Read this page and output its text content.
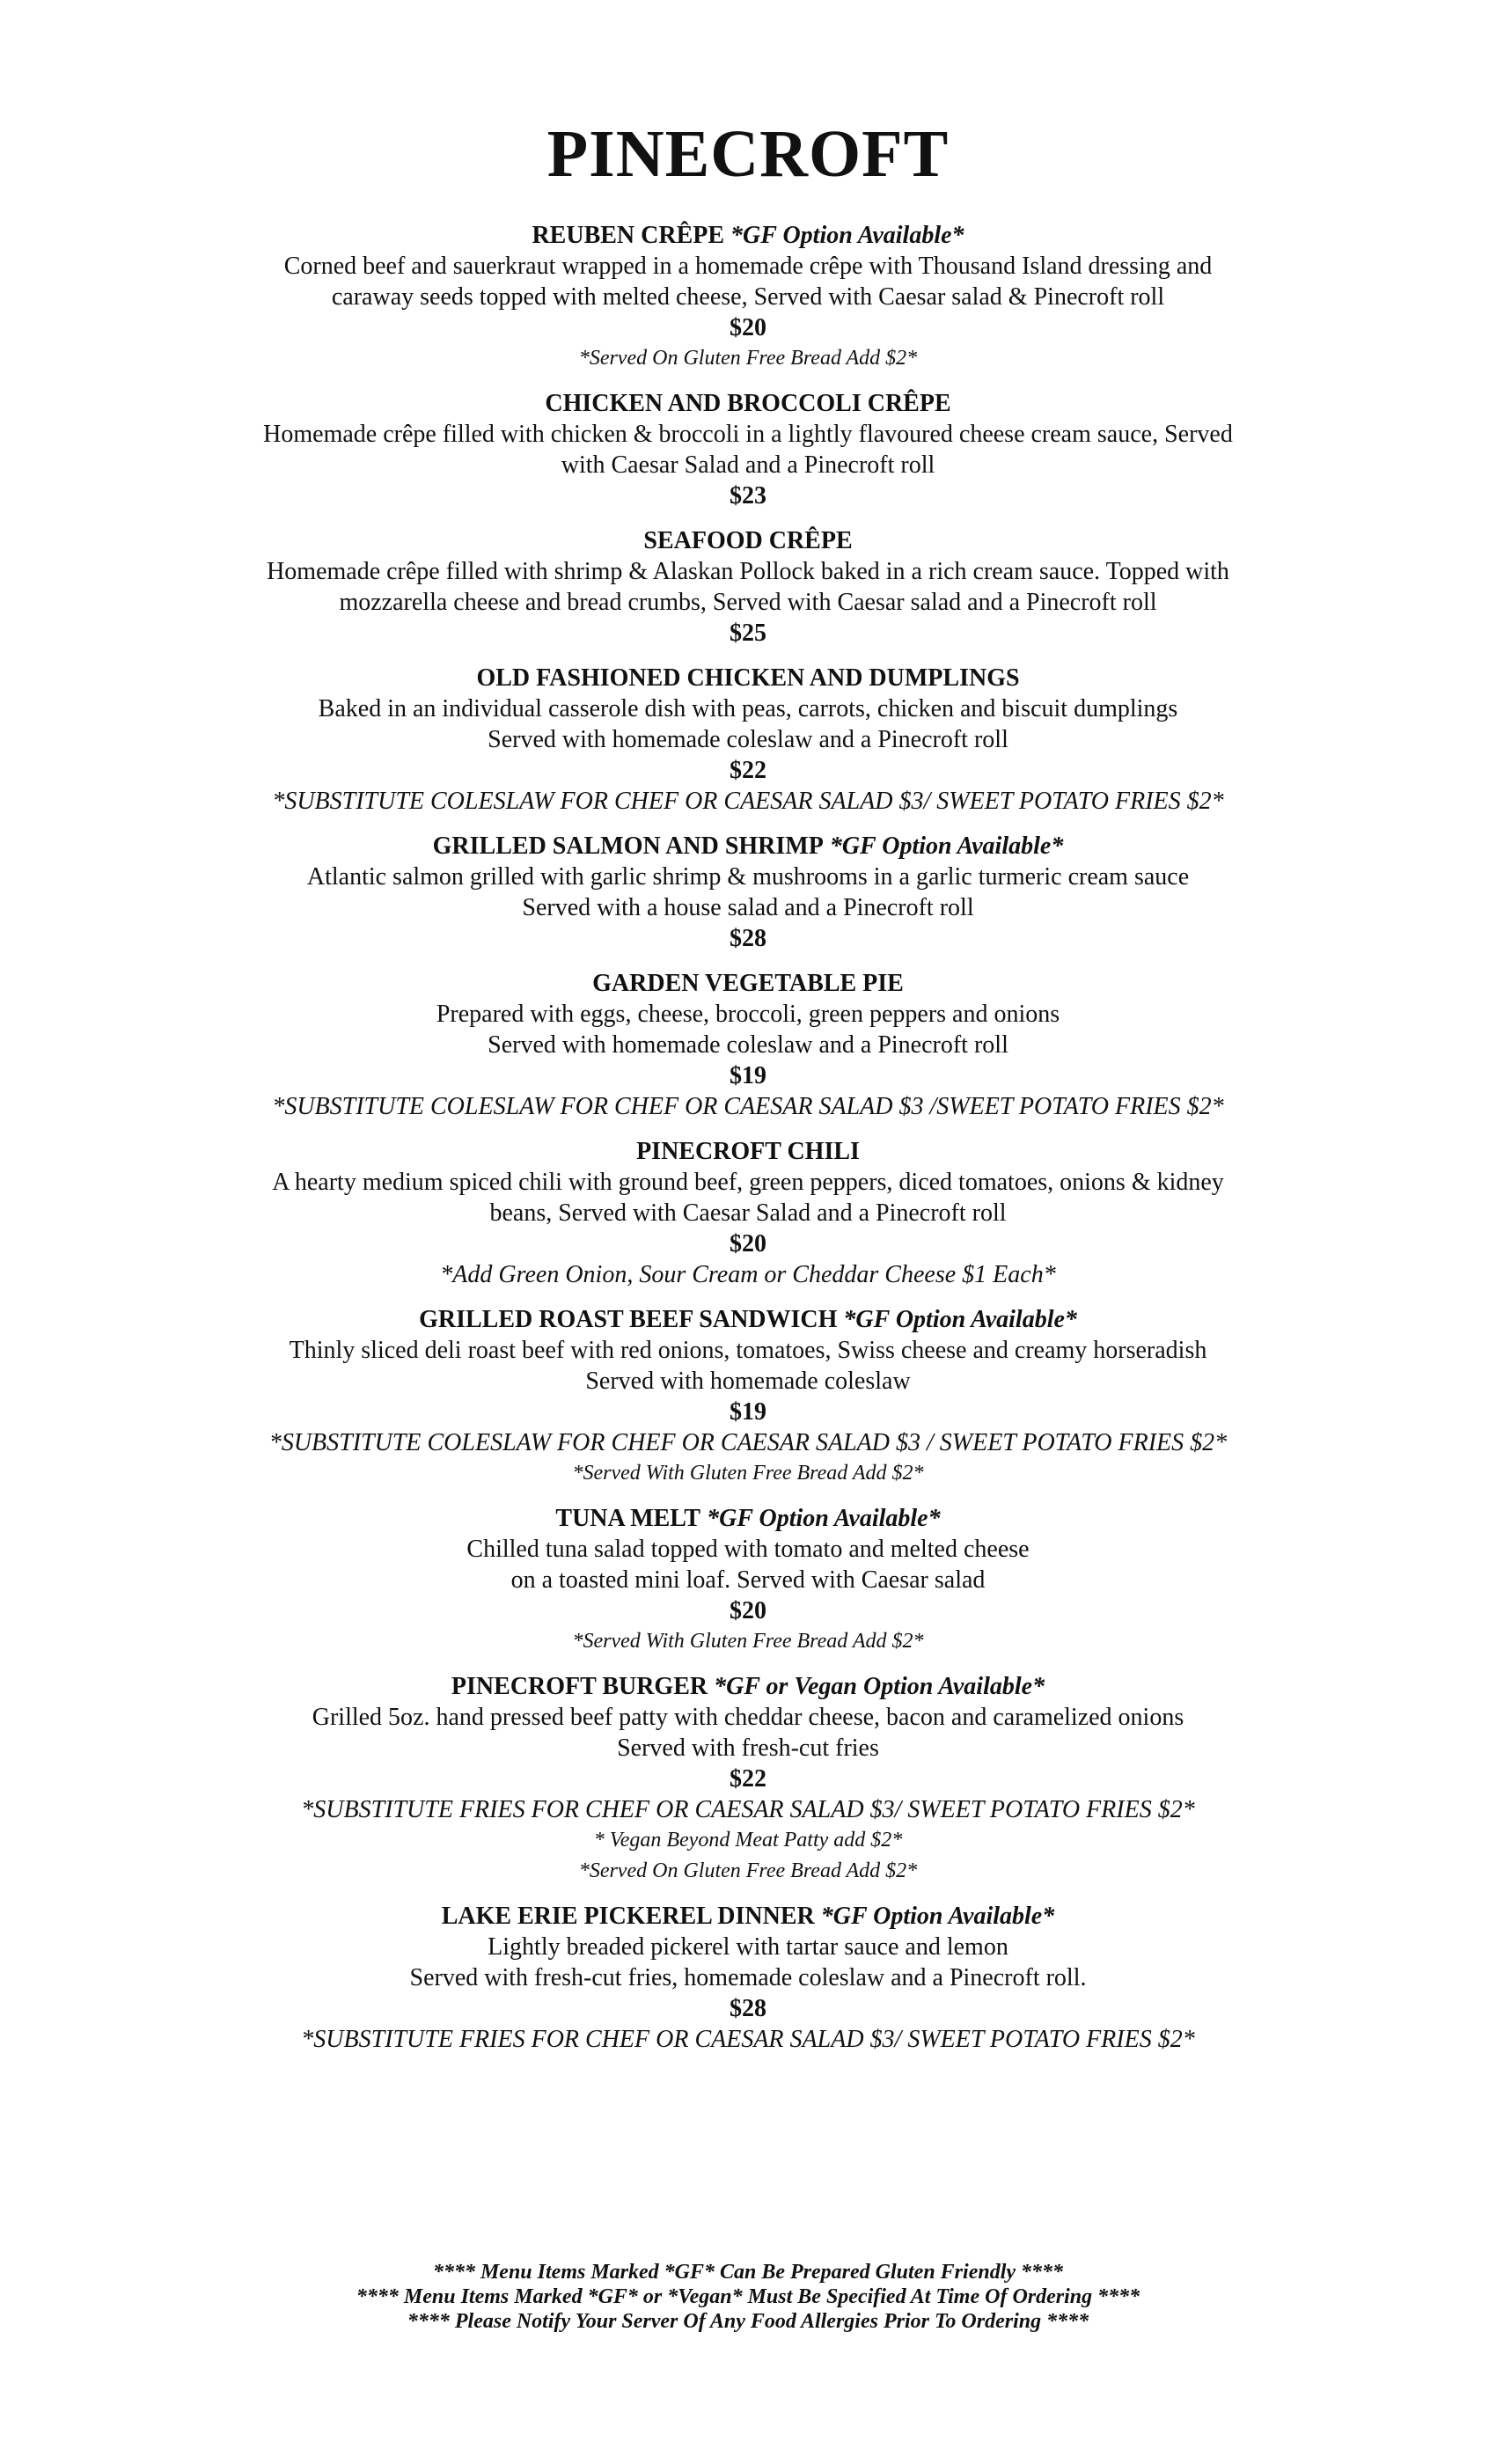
PINECROFT

REUBEN CRÊPE *GF Option Available*

Corned beef and sauerkraut wrapped in a homemade crêpe with Thousand Island dressing and

caraway seeds topped with melted cheese, Served with Caesar salad & Pinecroft roll

$20

*Served On Gluten Free Bread Add $2*

CHICKEN AND BROCCOLI CRÊPE

Homemade crêpe filled with chicken & broccoli in a lightly flavoured cheese cream sauce, Served

with Caesar Salad and a Pinecroft roll

$23

SEAFOOD CRÊPE

Homemade crêpe filled with shrimp & Alaskan Pollock baked in a rich cream sauce. Topped with

mozzarella cheese and bread crumbs, Served with Caesar salad and a Pinecroft roll

$25

OLD FASHIONED CHICKEN AND DUMPLINGS

Baked in an individual casserole dish with peas, carrots, chicken and biscuit dumplings

Served with homemade coleslaw and a Pinecroft roll

$22

*SUBSTITUTE COLESLAW FOR CHEF OR CAESAR SALAD $3/ SWEET POTATO FRIES $2*

GRILLED SALMON AND SHRIMP *GF Option Available*

Atlantic salmon grilled with garlic shrimp & mushrooms in a garlic turmeric cream sauce

Served with a house salad and a Pinecroft roll

$28

GARDEN VEGETABLE PIE

Prepared with eggs, cheese, broccoli, green peppers and onions

Served with homemade coleslaw and a Pinecroft roll

$19

*SUBSTITUTE COLESLAW FOR CHEF OR CAESAR SALAD $3 /SWEET POTATO FRIES $2*

PINECROFT CHILI

A hearty medium spiced chili with ground beef, green peppers, diced tomatoes, onions & kidney

beans, Served with Caesar Salad and a Pinecroft roll

$20

*Add Green Onion, Sour Cream or Cheddar Cheese $1 Each*

GRILLED ROAST BEEF SANDWICH *GF Option Available*

Thinly sliced deli roast beef with red onions, tomatoes, Swiss cheese and creamy horseradish

Served with homemade coleslaw

$19

*SUBSTITUTE COLESLAW FOR CHEF OR CAESAR SALAD $3 / SWEET POTATO FRIES $2*

*Served With Gluten Free Bread Add $2*

TUNA MELT *GF Option Available*

Chilled tuna salad topped with tomato and melted cheese

on a toasted mini loaf. Served with Caesar salad

$20

*Served With Gluten Free Bread Add $2*

PINECROFT BURGER *GF or Vegan Option Available*

Grilled 5oz. hand pressed beef patty with cheddar cheese, bacon and caramelized onions

Served with fresh-cut fries

$22

*SUBSTITUTE FRIES FOR CHEF OR CAESAR SALAD $3/ SWEET POTATO FRIES $2*

* Vegan Beyond Meat Patty add $2*

*Served On Gluten Free Bread Add $2*

LAKE ERIE PICKEREL DINNER *GF Option Available*

Lightly breaded pickerel with tartar sauce and lemon

Served with fresh-cut fries, homemade coleslaw and a Pinecroft roll.

$28

*SUBSTITUTE FRIES FOR CHEF OR CAESAR SALAD $3/ SWEET POTATO FRIES $2*

**** Menu Items Marked *GF* Can Be Prepared Gluten Friendly ****

**** Menu Items Marked *GF* or *Vegan* Must Be Specified At Time Of Ordering ****

**** Please Notify Your Server Of Any Food Allergies Prior To Ordering ****
